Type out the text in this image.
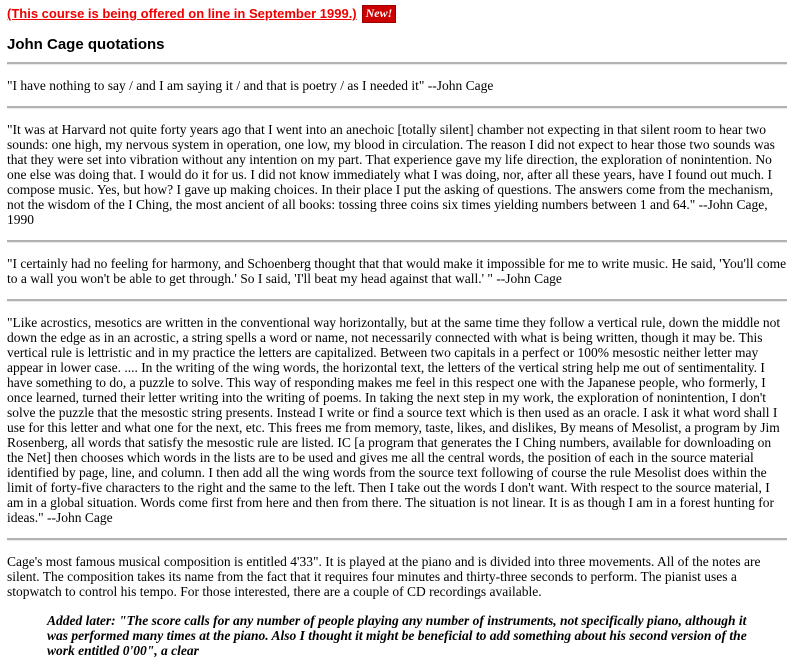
(This course is being offered on line in September 1999.) New!
John Cage quotations

"I have nothing to say / and I am saying it / and that is poetry / as I needed it" --John Cage

"It was at Harvard not quite forty years ago that I went into an anechoic [totally silent] chamber not expecting in that silent room to hear two sounds: one high, my nervous system in operation, one low, my blood in circulation. The reason I did not expect to hear those two sounds was that they were set into vibration without any intention on my part. That experience gave my life direction, the exploration of nonintention. No one else was doing that. I would do it for us. I did not know immediately what I was doing, nor, after all these years, have I found out much. I compose music. Yes, but how? I gave up making choices. In their place I put the asking of questions. The answers come from the mechanism, not the wisdom of the I Ching, the most ancient of all books: tossing three coins six times yielding numbers between 1 and 64." --John Cage, 1990

"I certainly had no feeling for harmony, and Schoenberg thought that that would make it impossible for me to write music. He said, 'You'll come to a wall you won't be able to get through.' So I said, 'I'll beat my head against that wall.' " --John Cage

"Like acrostics, mesotics are written in the conventional way horizontally, but at the same time they follow a vertical rule, down the middle not down the edge as in an acrostic, a string spells a word or name, not necessarily connected with what is being written, though it may be. This vertical rule is lettristic and in my practice the letters are capitalized. Between two capitals in a perfect or 100% mesostic neither letter may appear in lower case. .... In the writing of the wing words, the horizontal text, the letters of the vertical string help me out of sentimentality. I have something to do, a puzzle to solve. This way of responding makes me feel in this respect one with the Japanese people, who formerly, I once learned, turned their letter writing into the writing of poems. In taking the next step in my work, the exploration of nonintention, I don't solve the puzzle that the mesostic string presents. Instead I write or find a source text which is then used as an oracle. I ask it what word shall I use for this letter and what one for the next, etc. This frees me from memory, taste, likes, and dislikes, By means of Mesolist, a program by Jim Rosenberg, all words that satisfy the mesostic rule are listed. IC [a program that generates the I Ching numbers, available for downloading on the Net] then chooses which words in the lists are to be used and gives me all the central words, the position of each in the source material identified by page, line, and column. I then add all the wing words from the source text following of course the rule Mesolist does within the limit of forty-five characters to the right and the same to the left. Then I take out the words I don't want. With respect to the source material, I am in a global situation. Words come first from here and then from there. The situation is not linear. It is as though I am in a forest hunting for ideas." --John Cage

Cage's most famous musical composition is entitled 4'33". It is played at the piano and is divided into three movements. All of the notes are silent. The composition takes its name from the fact that it requires four minutes and thirty-three seconds to perform. The pianist uses a stopwatch to control his tempo. For those interested, there are a couple of CD recordings available.

Added later: "The score calls for any number of people playing any number of instruments, not specifically piano, although it was performed many times at the piano. Also I thought it might be beneficial to add something about his second version of the work entitled 0'00", a clear
